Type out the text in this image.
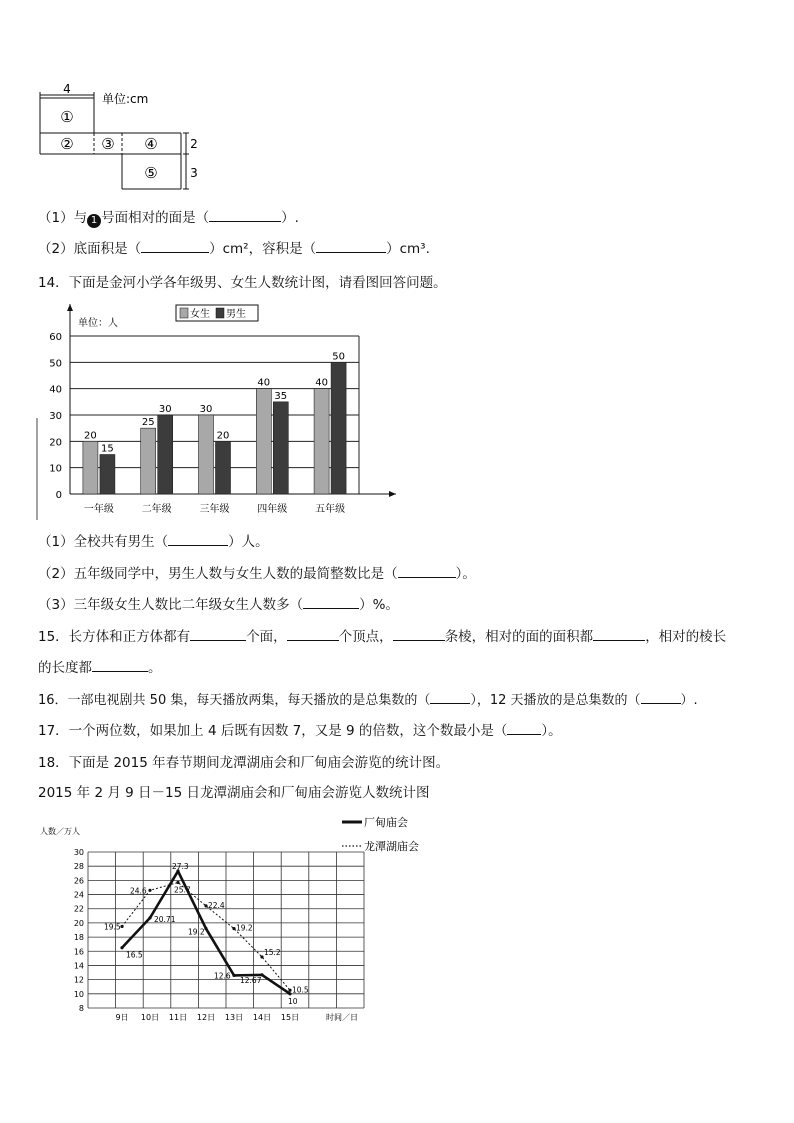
4
①
② ③ ④
⑤
2
3
单位:cm
（1）与 1 号面相对的面是（	）.
（2）底面积是（	）cm²，容积是（	）cm³.
14．下面是金河小学各年级男、女生人数统计图，请看图回答问题。
0
10
20
30
40
50
60
单位：人
女生 男生
20
15
一年级
25
30
二年级
30
20
三年级
40
35
四年级
40
50
五年级
（1）全校共有男生（	）人。
（2）五年级同学中，男生人数与女生人数的最简整数比是（	）。
（3）三年级女生人数比二年级女生人数多（	）%。
15．长方体和正方体都有	个面，	个顶点，	条棱，相对的面的面积都	，相对的棱长
的长度都	。
16．一部电视剧共 50 集，每天播放两集，每天播放的是总集数的（	），12 天播放的是总集数的（	）.
17．一个两位数，如果加上 4 后既有因数 7，又是 9 的倍数，这个数最小是（	）。
18．下面是 2015 年春节期间龙潭湖庙会和厂甸庙会游览的统计图。
2015 年 2 月 9 日－15 日龙潭湖庙会和厂甸庙会游览人数统计图
8
10
12
14
16
18
20
22
24
26
28
30
人数／万人
时间／日
9日 10日 11日 12日 13日 14日 15日
厂甸庙会
龙潭湖庙会
19.5
24.6
27.3
25.7
22.4
19.2
20.71
16.5
19.2
12.6
12.67
15.2
10.5
10
